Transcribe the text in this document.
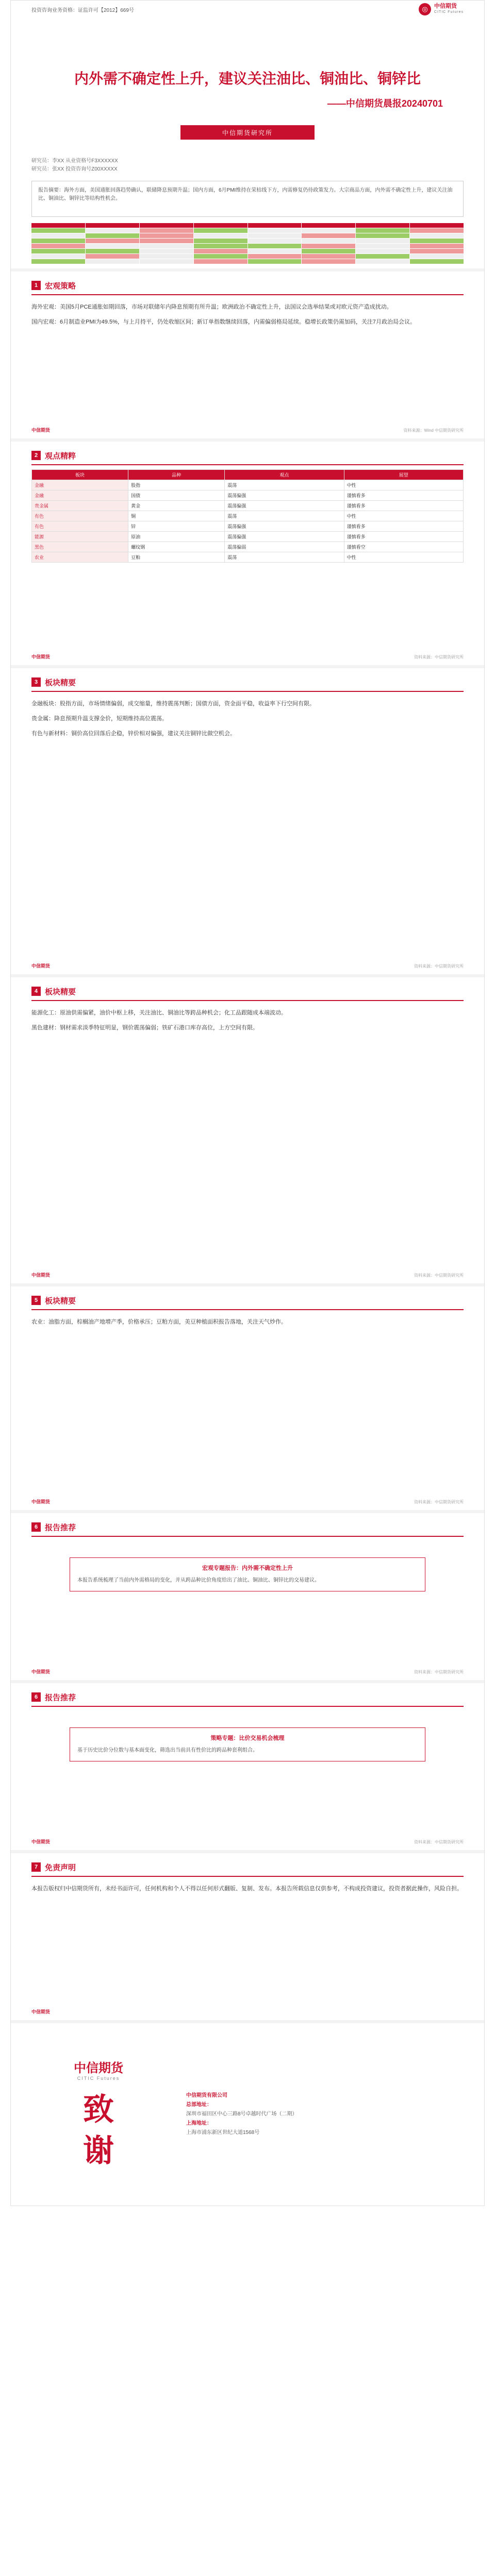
投资咨询业务资格：证监许可【2012】669号	◎	中信期货
CITIC Futures
内外需不确定性上升，建议关注油比、铜油比、铜锌比
——中信期货晨报20240701
中信期货研究所
研究员：李XX 从业资格号F3XXXXXX
研究员：张XX 投资咨询号Z00XXXXX
报告摘要：海外方面，美国通胀回落趋势确认，联储降息预期升温；国内方面，6月PMI维持在荣枯线下方，内需修复仍待政策发力。大宗商品方面，内外需不确定性上升，建议关注油比、铜油比、铜锌比等结构性机会。
1 宏观策略

海外宏观：美国5月PCE通胀如期回落，市场对联储年内降息预期有所升温；欧洲政治不确定性上升，法国议会选举结果或对欧元资产造成扰动。

国内宏观：6月制造业PMI为49.5%，与上月持平，仍处收缩区间；新订单指数继续回落，内需偏弱格局延续。稳增长政策仍需加码，关注7月政治局会议。

中信期货	资料来源：Wind 中信期货研究所
2 观点精粹
板块	品种	观点	展望
金融	股指	震荡	中性
金融	国债	震荡偏强	谨慎看多
贵金属	黄金	震荡偏强	谨慎看多
有色	铜	震荡	中性
有色	锌	震荡偏强	谨慎看多
能源	原油	震荡偏强	谨慎看多
黑色	螺纹钢	震荡偏弱	谨慎看空
农业	豆粕	震荡	中性
中信期货	资料来源：中信期货研究所
3 板块精要

金融板块：股指方面，市场情绪偏弱，成交缩量，维持震荡判断；国债方面，资金面平稳，收益率下行空间有限。

贵金属：降息预期升温支撑金价，短期维持高位震荡。

有色与新材料：铜价高位回落后企稳，锌价相对偏强，建议关注铜锌比做空机会。

中信期货	资料来源：中信期货研究所
4 板块精要

能源化工：原油供需偏紧，油价中枢上移，关注油比、铜油比等跨品种机会；化工品跟随成本端波动。

黑色建材：钢材需求淡季特征明显，钢价震荡偏弱；铁矿石港口库存高位，上方空间有限。

中信期货	资料来源：中信期货研究所
5 板块精要

农业：油脂方面，棕榈油产地增产季，价格承压；豆粕方面，美豆种植面积报告落地，关注天气炒作。

中信期货	资料来源：中信期货研究所
6 报告推荐
宏观专题报告：内外需不确定性上升
本报告系统梳理了当前内外需格局的变化，并从跨品种比价角度给出了油比、铜油比、铜锌比的交易建议。
中信期货	资料来源：中信期货研究所
6 报告推荐
策略专题：比价交易机会梳理
基于历史比价分位数与基本面变化，筛选出当前具有性价比的跨品种套利组合。
中信期货	资料来源：中信期货研究所
7 免责声明
本报告版权归中信期货所有，未经书面许可，任何机构和个人不得以任何形式翻版、复制、发布。本报告所载信息仅供参考，不构成投资建议，投资者据此操作，风险自担。
中信期货
中信期货
CITIC Futures
致
谢
中信期货有限公司
总部地址：
深圳市福田区中心三路8号卓越时代广场（二期）
上海地址：
上海市浦东新区世纪大道1568号
